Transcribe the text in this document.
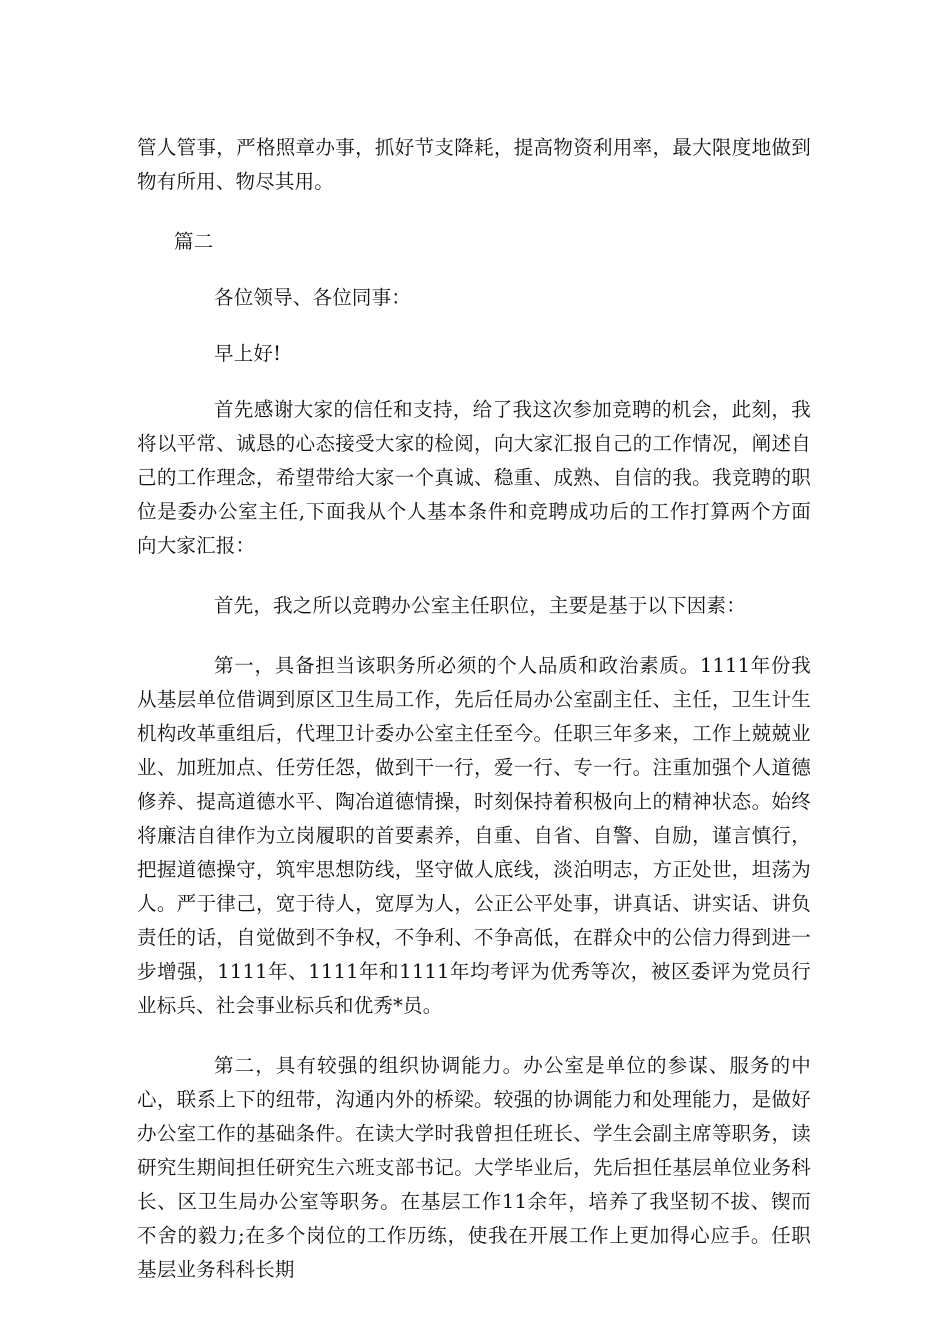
管人管事，严格照章办事，抓好节支降耗，提高物资利用率，最大限度地做到物有所用、物尽其用。

篇二

各位领导、各位同事：

早上好!

首先感谢大家的信任和支持，给了我这次参加竞聘的机会，此刻，我将以平常、诚恳的心态接受大家的检阅，向大家汇报自己的工作情况，阐述自己的工作理念，希望带给大家一个真诚、稳重、成熟、自信的我。我竞聘的职位是委办公室主任,下面我从个人基本条件和竞聘成功后的工作打算两个方面向大家汇报：

首先，我之所以竞聘办公室主任职位，主要是基于以下因素：

第一，具备担当该职务所必须的个人品质和政治素质。1111年份我从基层单位借调到原区卫生局工作，先后任局办公室副主任、主任，卫生计生机构改革重组后，代理卫计委办公室主任至今。任职三年多来，工作上兢兢业业、加班加点、任劳任怨，做到干一行，爱一行、专一行。注重加强个人道德修养、提高道德水平、陶冶道德情操，时刻保持着积极向上的精神状态。始终将廉洁自律作为立岗履职的首要素养，自重、自省、自警、自励，谨言慎行，把握道德操守，筑牢思想防线，坚守做人底线，淡泊明志，方正处世，坦荡为人。严于律己，宽于待人，宽厚为人，公正公平处事，讲真话、讲实话、讲负责任的话，自觉做到不争权，不争利、不争高低，在群众中的公信力得到进一步增强，1111年、1111年和1111年均考评为优秀等次，被区委评为党员行业标兵、社会事业标兵和优秀*员。

第二，具有较强的组织协调能力。办公室是单位的参谋、服务的中心，联系上下的纽带，沟通内外的桥梁。较强的协调能力和处理能力，是做好办公室工作的基础条件。在读大学时我曾担任班长、学生会副主席等职务，读研究生期间担任研究生六班支部书记。大学毕业后，先后担任基层单位业务科长、区卫生局办公室等职务。在基层工作11余年，培养了我坚韧不拔、锲而不舍的毅力;在多个岗位的工作历练，使我在开展工作上更加得心应手。任职基层业务科科长期
